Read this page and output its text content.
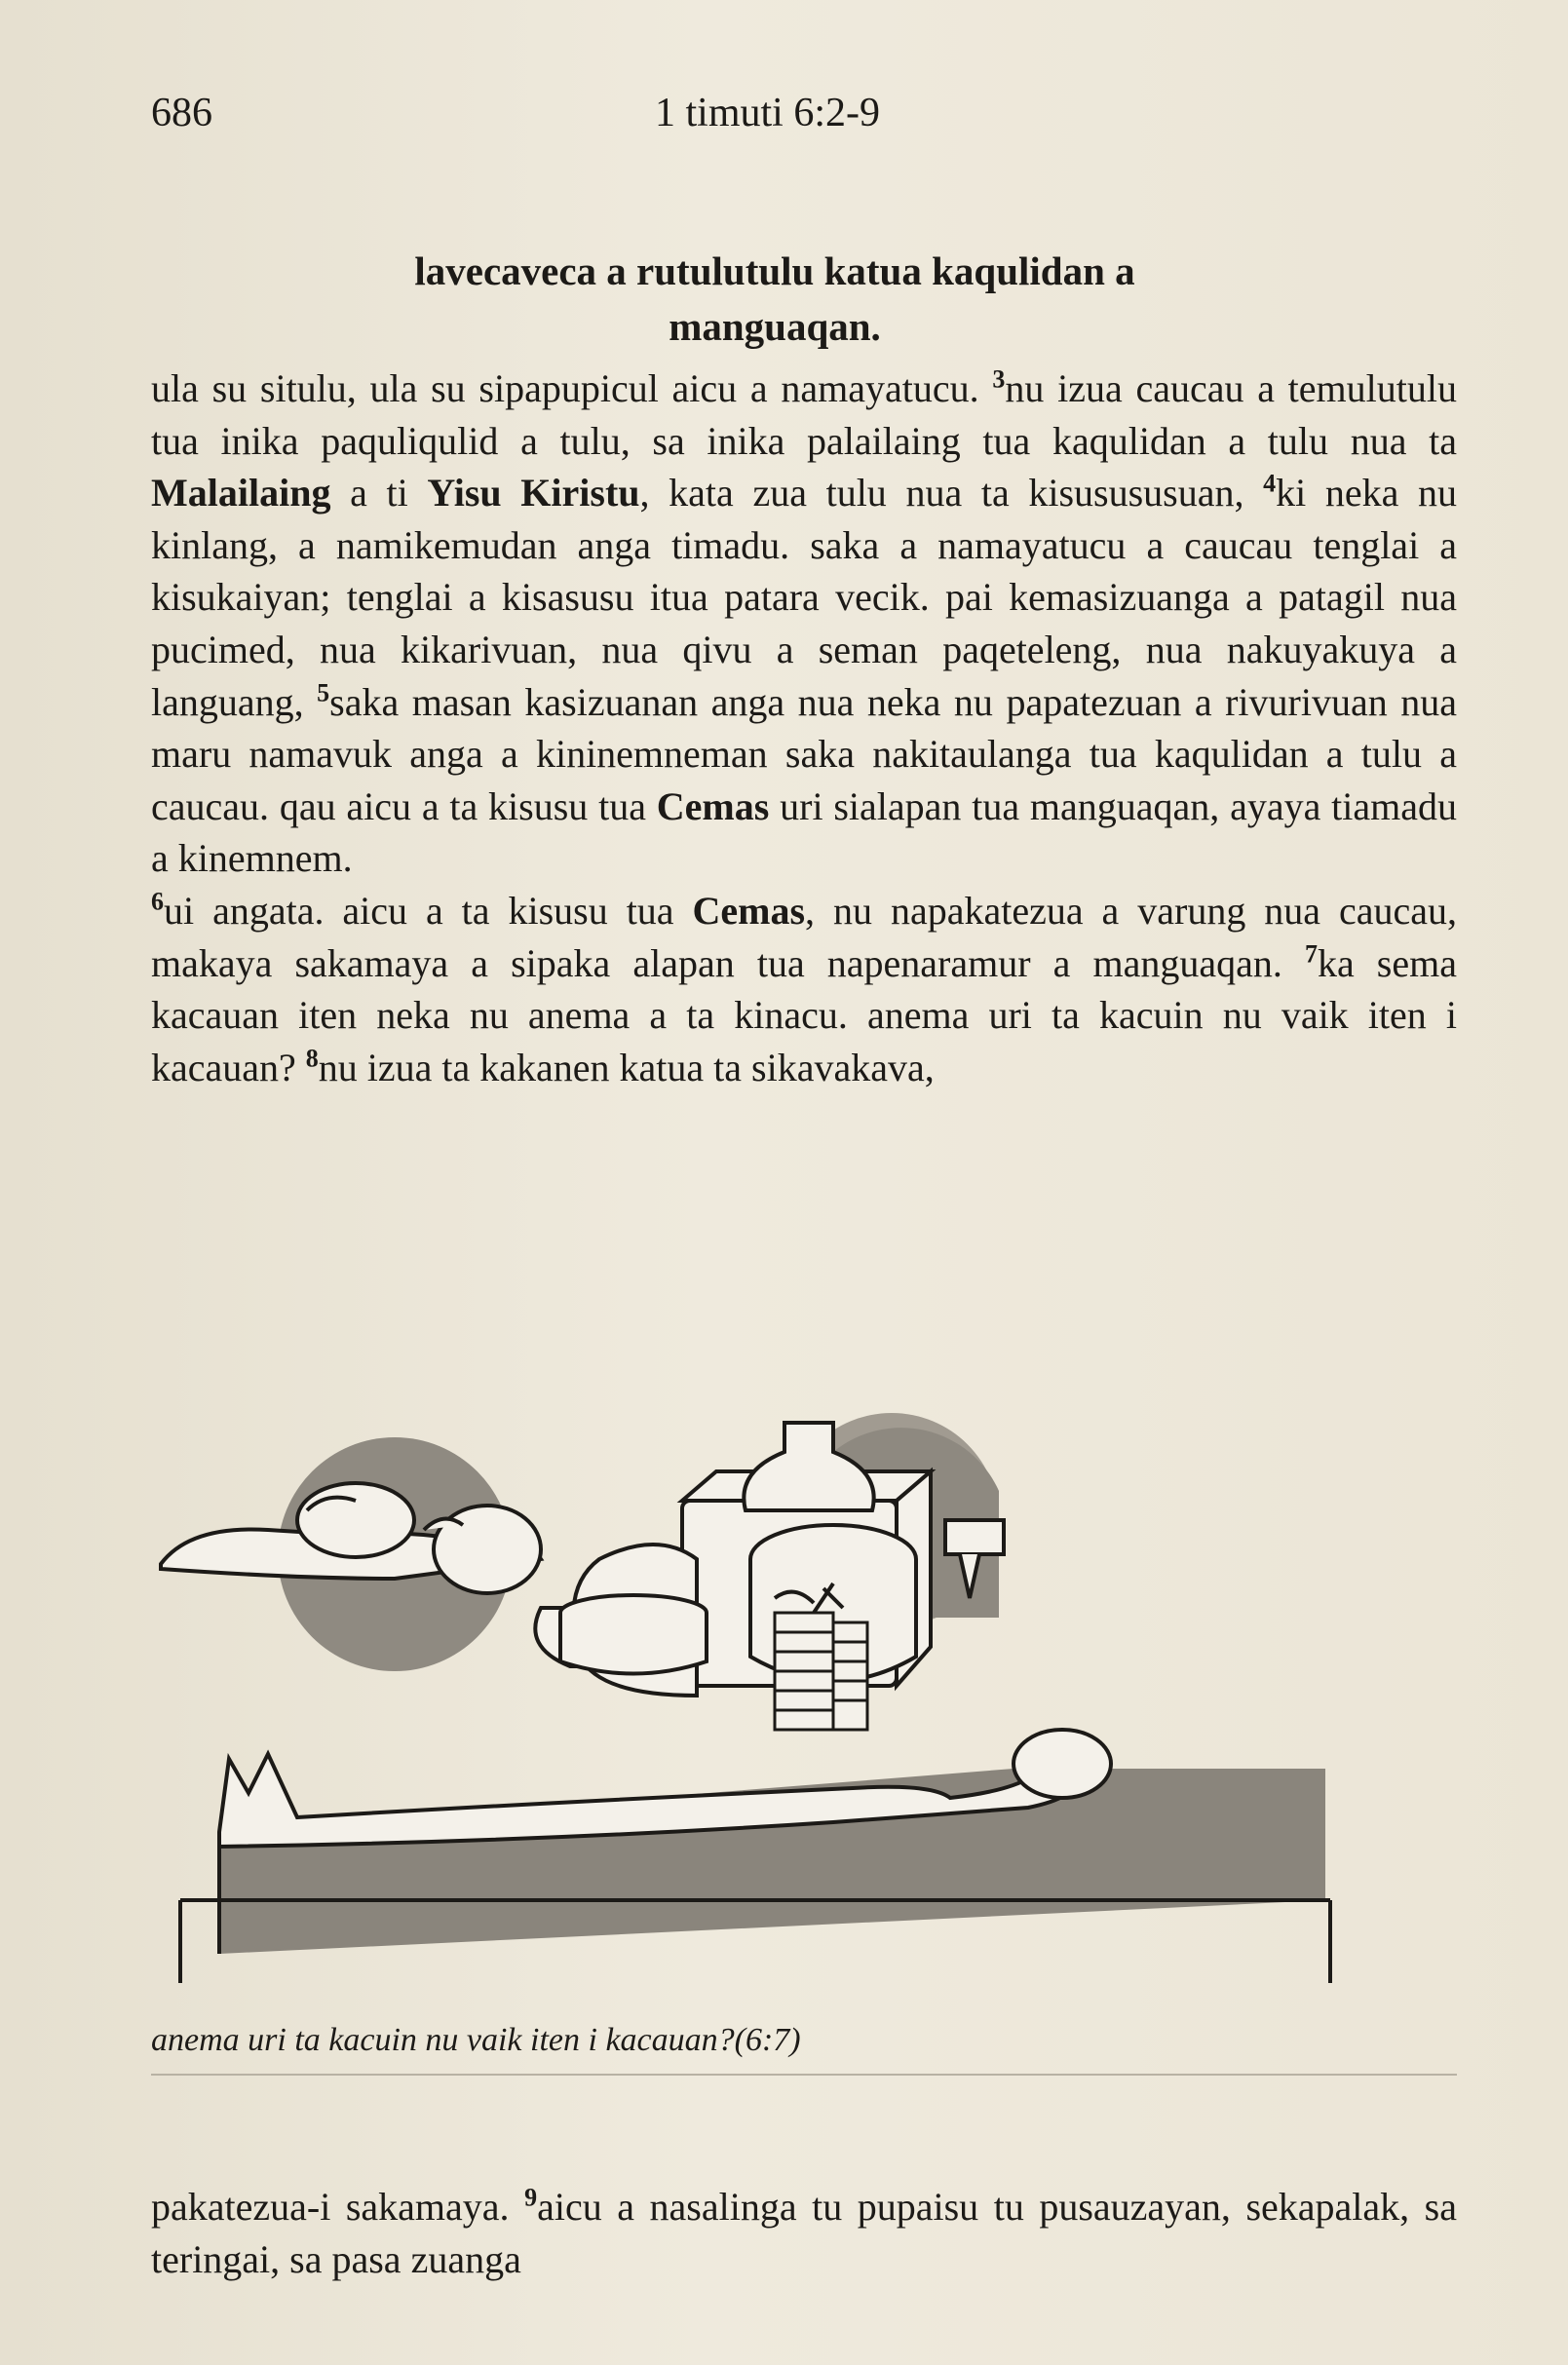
686	1 timuti 6:2-9
lavecaveca a rutulutulu katua kaqulidan a
manguaqan.

ula su situlu, ula su sipapupicul aicu a namayatucu. $^3$nu izua caucau a temulutulu tua inika paquliqulid a tulu, sa inika palailaing tua kaqulidan a tulu nua ta Malailaing a ti Yisu Kiristu, kata zua tulu nua ta kisusususuan, $^4$ki neka nu kinlang, a namikemudan anga timadu. saka a namayatucu a caucau tenglai a kisukaiyan; tenglai a kisasusu itua patara vecik. pai kemasizuanga a patagil nua pucimed, nua kikarivuan, nua qivu a seman paqeteleng, nua nakuyakuya a languang, $^5$saka masan kasizuanan anga nua neka nu papatezuan a rivurivuan nua maru namavuk anga a kininemneman saka nakitaulanga tua kaqulidan a tulu a caucau. qau aicu a ta kisusu tua Cemas uri sialapan tua manguaqan, ayaya tiamadu a kinemnem.

$^6$ui angata. aicu a ta kisusu tua Cemas, nu napakatezua a varung nua caucau, makaya sakamaya a sipaka alapan tua napenaramur a manguaqan. $^7$ka sema kacauan iten neka nu anema a ta kinacu. anema uri ta kacuin nu vaik iten i kacauan? $^8$nu izua ta kakanen katua ta sikavakava,

anema uri ta kacuin nu vaik iten i kacauan?(6:7)

pakatezua-i sakamaya. $^9$aicu a nasalinga tu pupaisu tu pusauzayan, sekapalak, sa teringai, sa pasa zuanga
